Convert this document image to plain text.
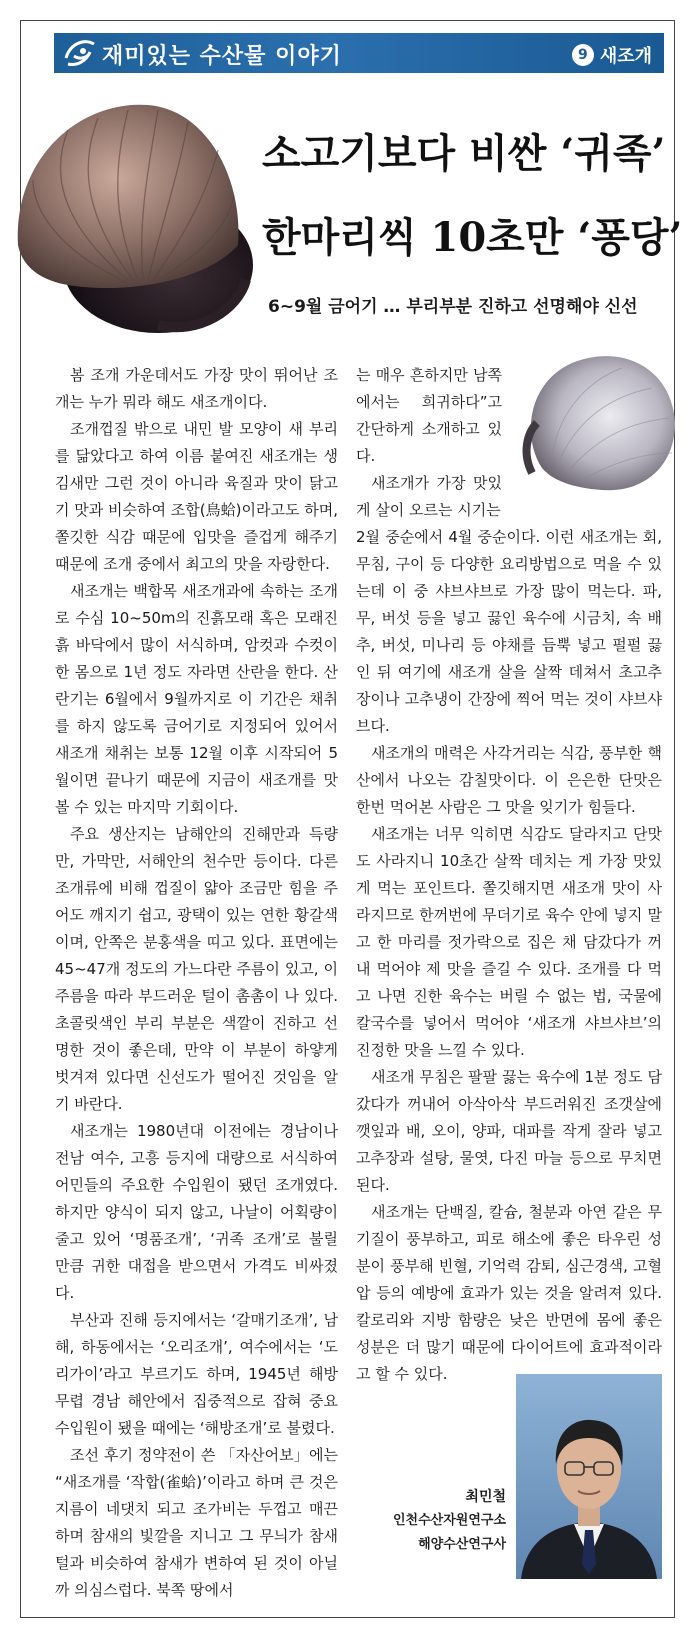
재미있는 수산물 이야기	9 새조개
소고기보다 비싼 ‘귀족’
한마리씩 10초만 ‘퐁당’
6~9월 금어기 … 부리부분 진하고 선명해야 신선

봄 조개 가운데서도 가장 맛이 뛰어난 조개는 누가 뭐라 해도 새조개이다.

조개껍질 밖으로 내민 발 모양이 새 부리를 닮았다고 하여 이름 붙여진 새조개는 생김새만 그런 것이 아니라 육질과 맛이 닭고기 맛과 비슷하여 조합(鳥蛤)이라고도 하며, 쫄깃한 식감 때문에 입맛을 즐겁게 해주기 때문에 조개 중에서 최고의 맛을 자랑한다.

새조개는 백합목 새조개과에 속하는 조개로 수심 10~50m의 진흙모래 혹은 모래진흙 바닥에서 많이 서식하며, 암컷과 수컷이 한 몸으로 1년 정도 자라면 산란을 한다. 산란기는 6월에서 9월까지로 이 기간은 채취를 하지 않도록 금어기로 지정되어 있어서 새조개 채취는 보통 12월 이후 시작되어 5월이면 끝나기 때문에 지금이 새조개를 맛볼 수 있는 마지막 기회이다.

주요 생산지는 남해안의 진해만과 득량만, 가막만, 서해안의 천수만 등이다. 다른 조개류에 비해 껍질이 얇아 조금만 힘을 주어도 깨지기 쉽고, 광택이 있는 연한 황갈색이며, 안쪽은 분홍색을 띠고 있다. 표면에는 45~47개 정도의 가느다란 주름이 있고, 이 주름을 따라 부드러운 털이 촘촘이 나 있다. 초콜릿색인 부리 부분은 색깔이 진하고 선명한 것이 좋은데, 만약 이 부분이 하얗게 벗겨져 있다면 신선도가 떨어진 것임을 알기 바란다.

새조개는 1980년대 이전에는 경남이나 전남 여수, 고흥 등지에 대량으로 서식하여 어민들의 주요한 수입원이 됐던 조개였다. 하지만 양식이 되지 않고, 나날이 어획량이 줄고 있어 ‘명품조개’, ‘귀족 조개’로 불릴 만큼 귀한 대접을 받으면서 가격도 비싸졌다.

부산과 진해 등지에서는 ‘갈매기조개’, 남해, 하동에서는 ‘오리조개’, 여수에서는 ‘도리가이’라고 부르기도 하며, 1945년 해방 무렵 경남 해안에서 집중적으로 잡혀 중요 수입원이 됐을 때에는 ‘해방조개’로 불렸다.

조선 후기 정약전이 쓴 「자산어보」에는 “새조개를 ‘작합(雀蛤)’이라고 하며 큰 것은 지름이 네댓치 되고 조가비는 두껍고 매끈하며 참새의 빛깔을 지니고 그 무늬가 참새털과 비슷하여 참새가 변하여 된 것이 아닐까 의심스럽다. 북쪽 땅에서

는 매우 흔하지만 남쪽에서는 희귀하다”고 간단하게 소개하고 있다.

새조개가 가장 맛있게 살이 오르는 시기는

2월 중순에서 4월 중순이다. 이런 새조개는 회, 무침, 구이 등 다양한 요리방법으로 먹을 수 있는데 이 중 샤브샤브로 가장 많이 먹는다. 파, 무, 버섯 등을 넣고 끓인 육수에 시금치, 속 배추, 버섯, 미나리 등 야채를 듬뿍 넣고 펄펄 끓인 뒤 여기에 새조개 살을 살짝 데쳐서 초고추장이나 고추냉이 간장에 찍어 먹는 것이 샤브샤브다.

새조개의 매력은 사각거리는 식감, 풍부한 핵산에서 나오는 감칠맛이다. 이 은은한 단맛은 한번 먹어본 사람은 그 맛을 잊기가 힘들다.

새조개는 너무 익히면 식감도 달라지고 단맛도 사라지니 10초간 살짝 데치는 게 가장 맛있게 먹는 포인트다. 쫄깃해지면 새조개 맛이 사라지므로 한꺼번에 무더기로 육수 안에 넣지 말고 한 마리를 젓가락으로 집은 채 담갔다가 꺼내 먹어야 제 맛을 즐길 수 있다. 조개를 다 먹고 나면 진한 육수는 버릴 수 없는 법, 국물에 칼국수를 넣어서 먹어야 ‘새조개 샤브샤브’의 진정한 맛을 느낄 수 있다.

새조개 무침은 팔팔 끓는 육수에 1분 정도 담갔다가 꺼내어 아삭아삭 부드러워진 조갯살에 깻잎과 배, 오이, 양파, 대파를 작게 잘라 넣고 고추장과 설탕, 물엿, 다진 마늘 등으로 무치면 된다.

새조개는 단백질, 칼슘, 철분과 아연 같은 무기질이 풍부하고, 피로 해소에 좋은 타우린 성분이 풍부해 빈혈, 기억력 감퇴, 심근경색, 고혈압 등의 예방에 효과가 있는 것을 알려져 있다. 칼로리와 지방 함량은 낮은 반면에 몸에 좋은 성분은 더 많기 때문에 다이어트에 효과적이라고 할 수 있다.

최민철
인천수산자원연구소
해양수산연구사
